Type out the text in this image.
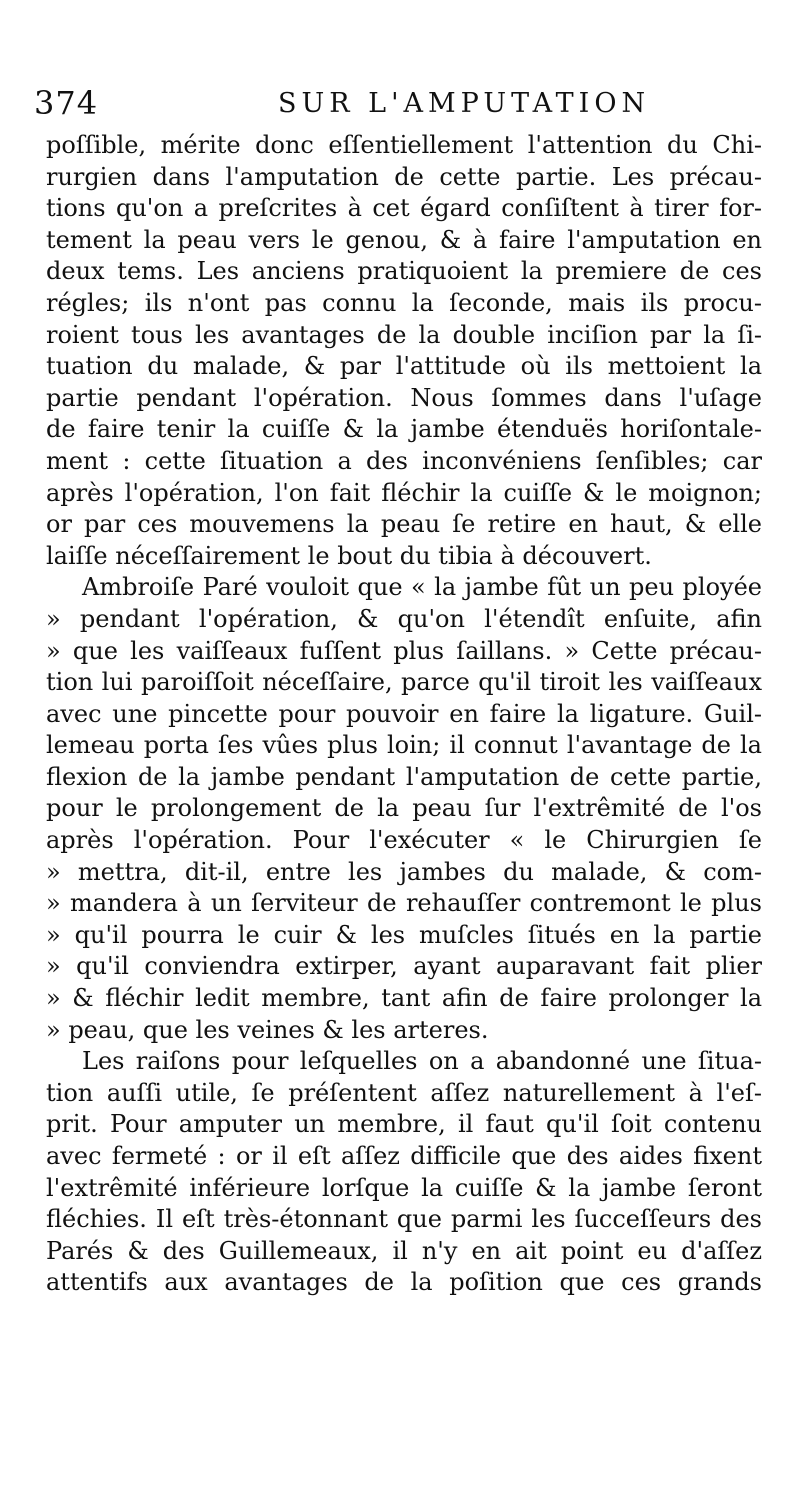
374	SUR L'AMPUTATION
poſſible, mérite donc eſſentiellement l'attention du Chi-
rurgien dans l'amputation de cette partie. Les précau-
tions qu'on a preſcrites à cet égard conſiſtent à tirer for-
tement la peau vers le genou, & à faire l'amputation en
deux tems. Les anciens pratiquoient la premiere de ces
régles; ils n'ont pas connu la ſeconde, mais ils procu-
roient tous les avantages de la double inciſion par la ſi-
tuation du malade, & par l'attitude où ils mettoient la
partie pendant l'opération. Nous ſommes dans l'uſage
de faire tenir la cuiſſe & la jambe étenduës horiſontale-
ment : cette ſituation a des inconvéniens ſenſibles; car
après l'opération, l'on fait fléchir la cuiſſe & le moignon;
or par ces mouvemens la peau ſe retire en haut, & elle
laiſſe néceſſairement le bout du tibia à découvert.
Ambroiſe Paré vouloit que « la jambe fût un peu ployée
» pendant l'opération, & qu'on l'étendît enſuite, afin
» que les vaiſſeaux fuſſent plus ſaillans. » Cette précau-
tion lui paroiſſoit néceſſaire, parce qu'il tiroit les vaiſſeaux
avec une pincette pour pouvoir en faire la ligature. Guil-
lemeau porta ſes vûes plus loin; il connut l'avantage de la
flexion de la jambe pendant l'amputation de cette partie,
pour le prolongement de la peau ſur l'extrêmité de l'os
après l'opération. Pour l'exécuter « le Chirurgien ſe
» mettra, dit-il, entre les jambes du malade, & com-
» mandera à un ſerviteur de rehauſſer contremont le plus
» qu'il pourra le cuir & les muſcles ſitués en la partie
» qu'il conviendra extirper, ayant auparavant fait plier
» & fléchir ledit membre, tant afin de faire prolonger la
» peau, que les veines & les arteres.
Les raiſons pour leſquelles on a abandonné une ſitua-
tion auſſi utile, ſe préſentent aſſez naturellement à l'eſ-
prit. Pour amputer un membre, il faut qu'il ſoit contenu
avec fermeté : or il eſt aſſez difficile que des aides fixent
l'extrêmité inférieure lorſque la cuiſſe & la jambe ſeront
fléchies. Il eſt très-étonnant que parmi les ſucceſſeurs des
Parés & des Guillemeaux, il n'y en ait point eu d'aſſez
attentifs aux avantages de la poſition que ces grands
